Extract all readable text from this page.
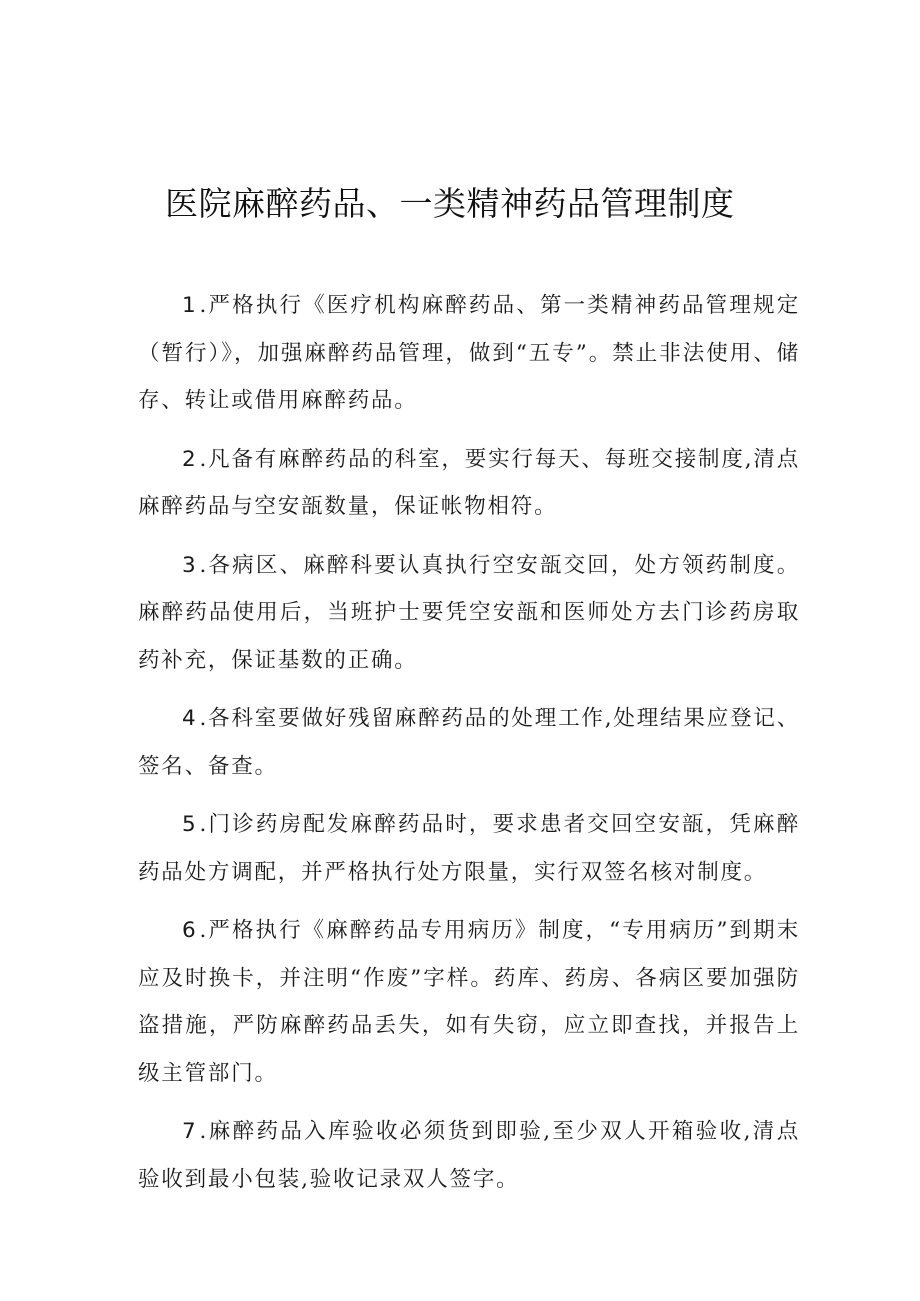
医院麻醉药品、一类精神药品管理制度

1.严格执行《医疗机构麻醉药品、第一类精神药品管理规定（暂行）》，加强麻醉药品管理，做到“五专”。禁止非法使用、储存、转让或借用麻醉药品。

2.凡备有麻醉药品的科室，要实行每天、每班交接制度,清点麻醉药品与空安瓿数量，保证帐物相符。

3.各病区、麻醉科要认真执行空安瓿交回，处方领药制度。麻醉药品使用后，当班护士要凭空安瓿和医师处方去门诊药房取药补充，保证基数的正确。

4.各科室要做好残留麻醉药品的处理工作,处理结果应登记、签名、备查。

5.门诊药房配发麻醉药品时，要求患者交回空安瓿，凭麻醉药品处方调配，并严格执行处方限量，实行双签名核对制度。

6.严格执行《麻醉药品专用病历》制度，“专用病历”到期末应及时换卡，并注明“作废”字样。药库、药房、各病区要加强防盗措施，严防麻醉药品丢失，如有失窃，应立即查找，并报告上级主管部门。

7.麻醉药品入库验收必须货到即验,至少双人开箱验收,清点验收到最小包装,验收记录双人签字。
